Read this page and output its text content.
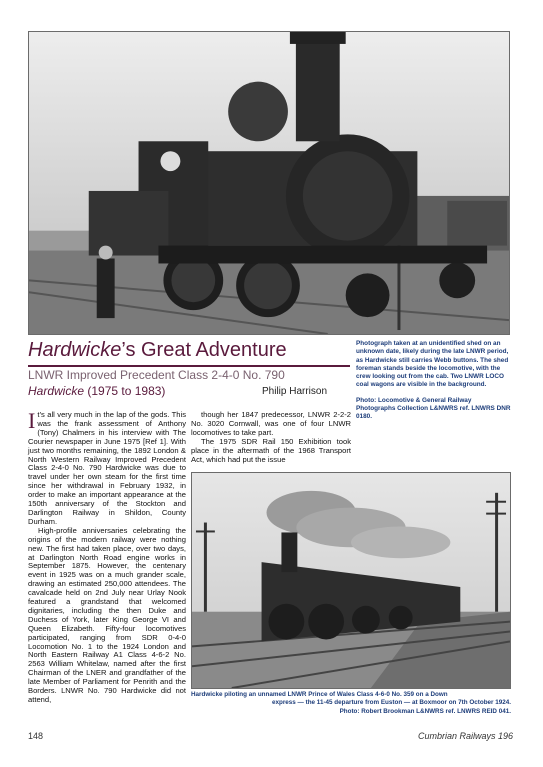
Hardwicke’s Great Adventure
LNWR Improved Precedent Class 2-4-0 No. 790
Hardwicke (1975 to 1983)	Philip Harrison

Photograph taken at an unidentified shed on an unknown date, likely during the late LNWR period, as Hardwicke still carries Webb buttons. The shed foreman stands beside the locomotive, with the crew looking out from the cab. Two LNWR LOCO coal wagons are visible in the background.

Photo: Locomotive & General Railway Photographs Collection L&NWRS ref. LNWRS DNR 0180.

It’s all very much in the lap of the gods. This was the frank assessment of Anthony (Tony) Chalmers in his interview with The Courier newspaper in June 1975 [Ref 1]. With just two months remaining, the 1892 London & North Western Railway Improved Precedent Class 2-4-0 No. 790 Hardwicke was due to travel under her own steam for the first time since her withdrawal in February 1932, in order to make an important appearance at the 150th anniversary of the Stockton and Darlington Railway in Shildon, County Durham.

High-profile anniversaries celebrating the origins of the modern railway were nothing new. The first had taken place, over two days, at Darlington North Road engine works in September 1875. However, the centenary event in 1925 was on a much grander scale, drawing an estimated 250,000 attendees. The cavalcade held on 2nd July near Urlay Nook featured a grandstand that welcomed dignitaries, including the then Duke and Duchess of York, later King George VI and Queen Elizabeth. Fifty-four locomotives participated, ranging from SDR 0-4-0 Locomotion No. 1 to the 1924 London and North Eastern Railway A1 Class 4-6-2 No. 2563 William Whitelaw, named after the first Chairman of the LNER and grandfather of the late Member of Parliament for Penrith and the Borders. LNWR No. 790 Hardwicke did not attend,

though her 1847 predecessor, LNWR 2-2-2 No. 3020 Cornwall, was one of four LNWR locomotives to take part.

The 1975 SDR Rail 150 Exhibition took place in the aftermath of the 1968 Transport Act, which had put the issue

Hardwicke piloting an unnamed LNWR Prince of Wales Class 4-6-0 No. 359 on a Down
express — the 11-45 departure from Euston — at Boxmoor on 7th October 1924.
Photo: Robert Brookman L&NWRS ref. LNWRS REID 041.
148	Cumbrian Railways 196
